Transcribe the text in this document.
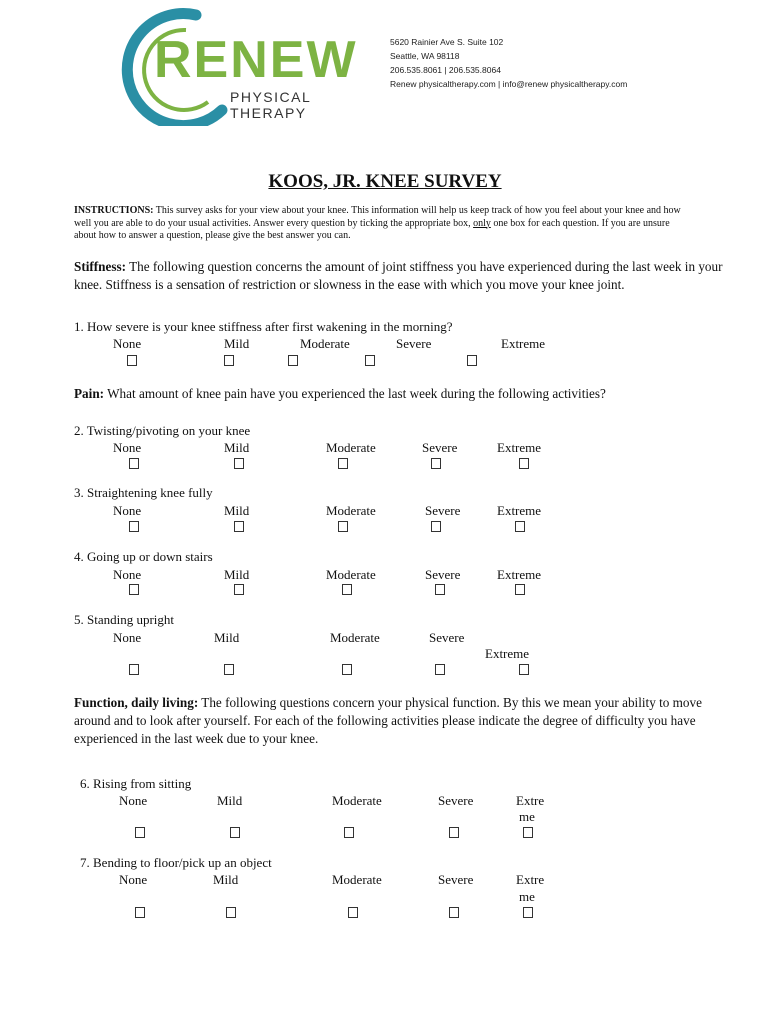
RENEW
PHYSICAL THERAPY
5620 Rainier Ave S. Suite 102
Seattle, WA 98118
206.535.8061 | 206.535.8064
Renew physicaltherapy.com | info@renew physicaltherapy.com
KOOS, JR. KNEE SURVEY
INSTRUCTIONS: This survey asks for your view about your knee. This information will help us keep track of how you feel about your knee and how well you are able to do your usual activities. Answer every question by ticking the appropriate box, only one box for each question. If you are unsure about how to answer a question, please give the best answer you can.
Stiffness: The following question concerns the amount of joint stiffness you have experienced during the last week in your knee. Stiffness is a sensation of restriction or slowness in the ease with which you move your knee joint.
1. How severe is your knee stiffness after first wakening in the morning?
None	Mild	Moderate	Severe	Extreme
Pain: What amount of knee pain have you experienced the last week during the following activities?
2. Twisting/pivoting on your knee
None	Mild	Moderate	Severe	Extreme
3. Straightening knee fully
None	Mild	Moderate	Severe	Extreme
4. Going up or down stairs
None	Mild	Moderate	Severe	Extreme
5. Standing upright
None	Mild	Moderate	Severe
Extreme
Function, daily living: The following questions concern your physical function. By this we mean your ability to move around and to look after yourself. For each of the following activities please indicate the degree of difficulty you have experienced in the last week due to your knee.
6. Rising from sitting
None	Mild	Moderate	Severe	Extre
me
7. Bending to floor/pick up an object
None	Mild	Moderate	Severe	Extre
me
